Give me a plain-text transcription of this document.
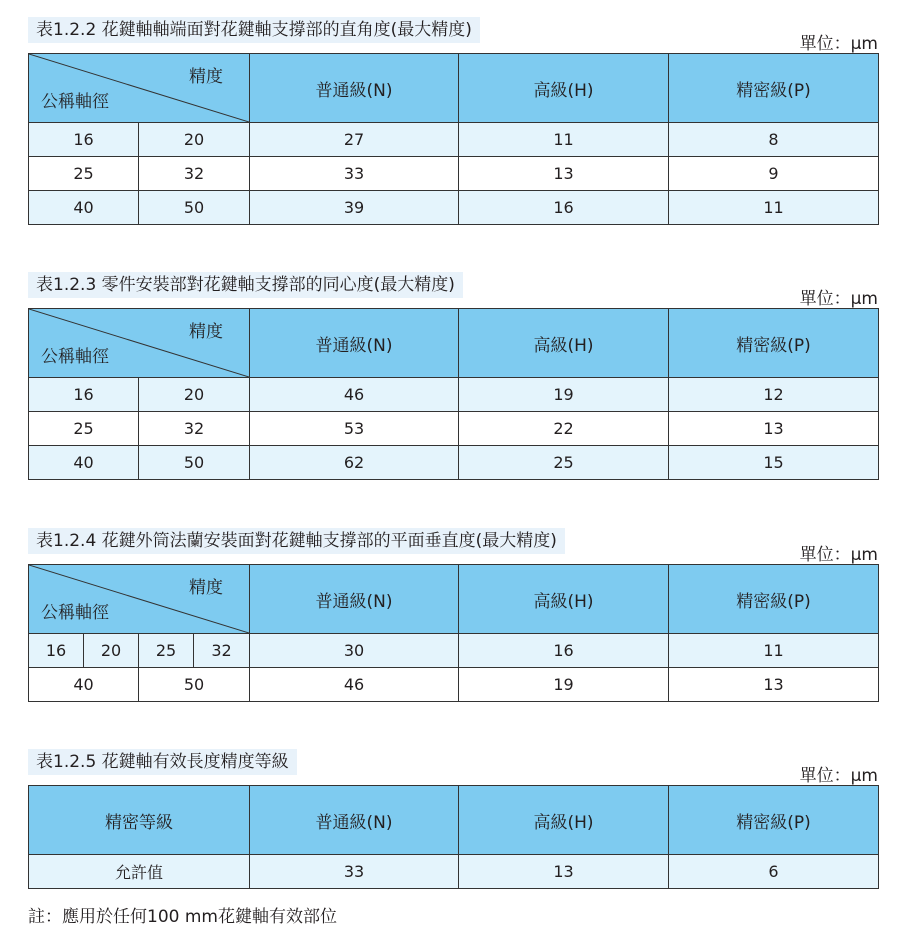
表1.2.2 花鍵軸軸端面對花鍵軸支撐部的直角度(最大精度)
單位：μm
精度
公稱軸徑		普通級(N)	高級(H)	精密級(P)
16	20	27	11	8
25	32	33	13	9
40	50	39	16	11
表1.2.3 零件安裝部對花鍵軸支撐部的同心度(最大精度)
單位：μm
精度
公稱軸徑		普通級(N)	高級(H)	精密級(P)
16	20	46	19	12
25	32	53	22	13
40	50	62	25	15
表1.2.4 花鍵外筒法蘭安裝面對花鍵軸支撐部的平面垂直度(最大精度)
單位：μm
精度
公稱軸徑				普通級(N)	高級(H)	精密級(P)
16	20	25	32	30	16	11
40		50		46	19	13
表1.2.5 花鍵軸有效長度精度等級
單位：μm
精密等級	普通級(N)	高級(H)	精密級(P)
允許值	33	13	6
註：應用於任何100 mm花鍵軸有效部位
